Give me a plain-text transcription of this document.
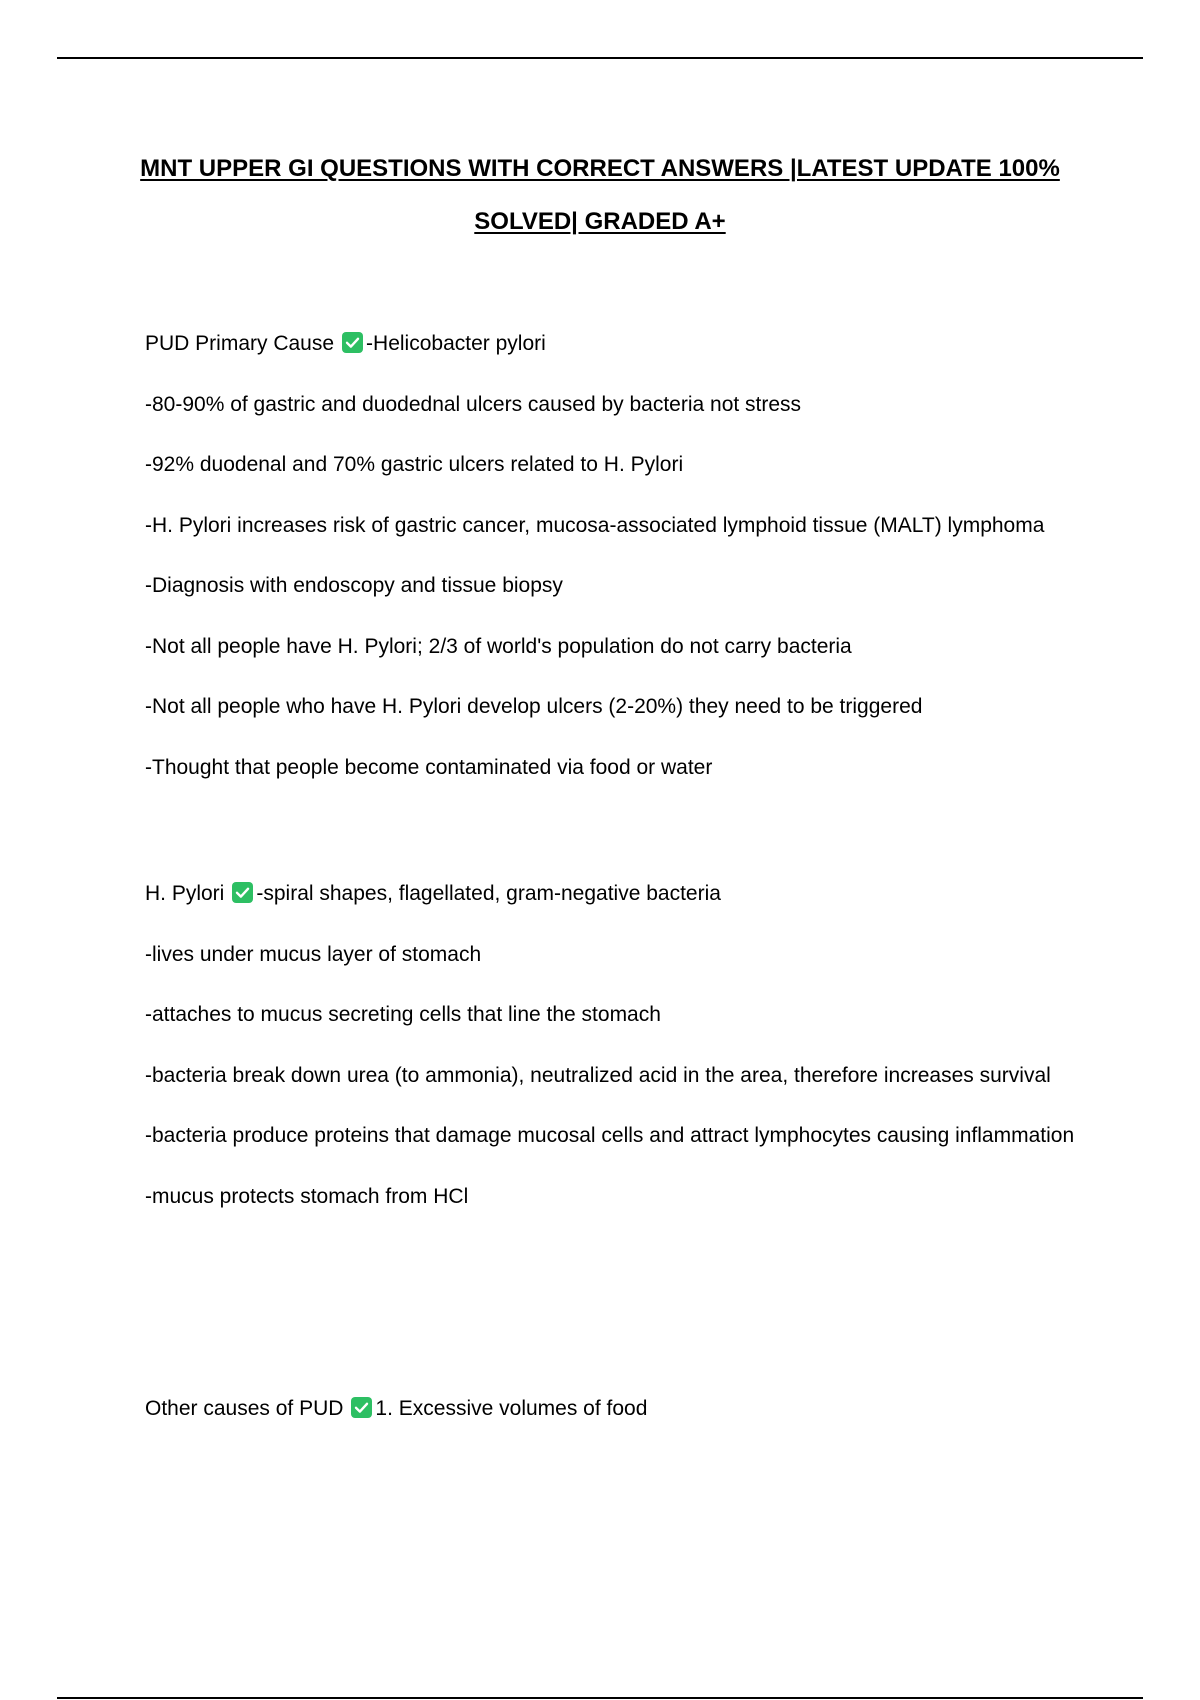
MNT UPPER GI QUESTIONS WITH CORRECT ANSWERS |LATEST UPDATE 100%
SOLVED| GRADED A+
PUD Primary Cause -Helicobacter pylori
-80-90% of gastric and duodednal ulcers caused by bacteria not stress
-92% duodenal and 70% gastric ulcers related to H. Pylori
-H. Pylori increases risk of gastric cancer, mucosa-associated lymphoid tissue (MALT) lymphoma
-Diagnosis with endoscopy and tissue biopsy
-Not all people have H. Pylori; 2/3 of world's population do not carry bacteria
-Not all people who have H. Pylori develop ulcers (2-20%) they need to be triggered
-Thought that people become contaminated via food or water
H. Pylori -spiral shapes, flagellated, gram-negative bacteria
-lives under mucus layer of stomach
-attaches to mucus secreting cells that line the stomach
-bacteria break down urea (to ammonia), neutralized acid in the area, therefore increases survival
-bacteria produce proteins that damage mucosal cells and attract lymphocytes causing inflammation
-mucus protects stomach from HCl
Other causes of PUD 1. Excessive volumes of food
